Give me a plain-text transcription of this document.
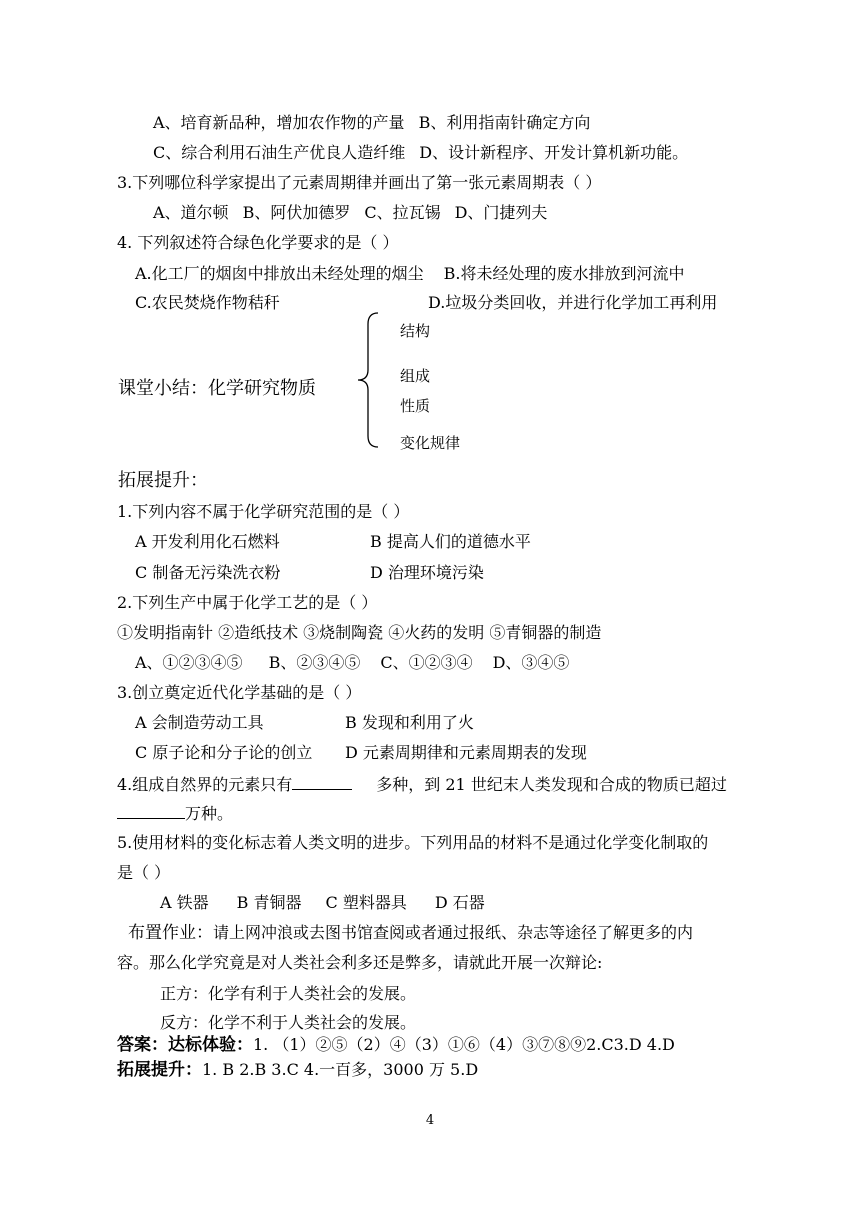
A、培育新品种，增加农作物的产量 B、利用指南针确定方向
C、综合利用石油生产优良人造纤维 D、设计新程序、开发计算机新功能。
3.下列哪位科学家提出了元素周期律并画出了第一张元素周期表（ ）
A、道尔顿 B、阿伏加德罗 C、拉瓦锡 D、门捷列夫
4. 下列叙述符合绿色化学要求的是（ ）
A.化工厂的烟囱中排放出未经处理的烟尘 B.将未经处理的废水排放到河流中
C.农民焚烧作物秸秆	D.垃圾分类回收，并进行化学加工再利用
课堂小结：化学研究物质
结构
组成
性质
变化规律
拓展提升：
1.下列内容不属于化学研究范围的是（ ）
A 开发利用化石燃料	B 提高人们的道德水平
C 制备无污染洗衣粉	D 治理环境污染
2.下列生产中属于化学工艺的是（ ）
①发明指南针 ②造纸技术 ③烧制陶瓷 ④火药的发明 ⑤青铜器的制造
A、①②③④⑤ B、②③④⑤ C、①②③④ D、③④⑤
3.创立奠定近代化学基础的是（ ）
A 会制造劳动工具	B 发现和利用了火
C 原子论和分子论的创立 D 元素周期律和元素周期表的发现
4.组成自然界的元素只有	多种，到 21 世纪末人类发现和合成的物质已超过
万种。
5.使用材料的变化标志着人类文明的进步。下列用品的材料不是通过化学变化制取的
是（ ）
A 铁器 B 青铜器 C 塑料器具 D 石器
布置作业：请上网冲浪或去图书馆查阅或者通过报纸、杂志等途径了解更多的内
容。那么化学究竟是对人类社会利多还是弊多，请就此开展一次辩论:
正方：化学有利于人类社会的发展。
反方：化学不利于人类社会的发展。
答案：达标体验：1. （1）②⑤（2）④（3）①⑥（4）③⑦⑧⑨2.C3.D 4.D
拓展提升：1. B 2.B 3.C 4.一百多，3000 万 5.D
4
